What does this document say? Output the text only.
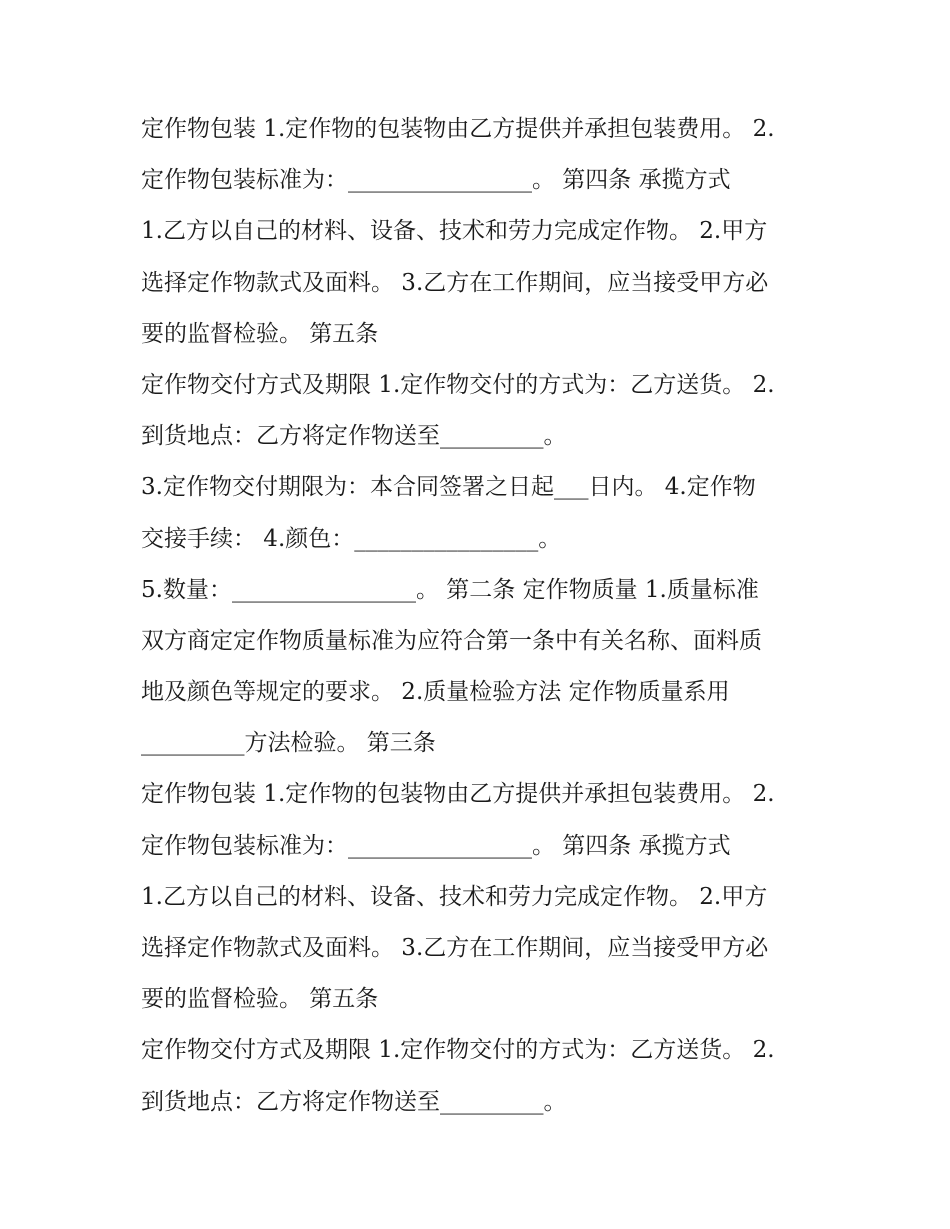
定作物包装 1.定作物的包装物由乙方提供并承担包装费用。 2.
定作物包装标准为：________________。 第四条 承揽方式
1.乙方以自己的材料、设备、技术和劳力完成定作物。 2.甲方
选择定作物款式及面料。 3.乙方在工作期间，应当接受甲方必
要的监督检验。 第五条
定作物交付方式及期限 1.定作物交付的方式为：乙方送货。 2.
到货地点：乙方将定作物送至_________。
3.定作物交付期限为：本合同签署之日起___日内。 4.定作物
交接手续： 4.颜色：________________。
5.数量：________________。 第二条 定作物质量 1.质量标准
双方商定定作物质量标准为应符合第一条中有关名称、面料质
地及颜色等规定的要求。 2.质量检验方法 定作物质量系用
_________方法检验。 第三条
定作物包装 1.定作物的包装物由乙方提供并承担包装费用。 2.
定作物包装标准为：________________。 第四条 承揽方式
1.乙方以自己的材料、设备、技术和劳力完成定作物。 2.甲方
选择定作物款式及面料。 3.乙方在工作期间，应当接受甲方必
要的监督检验。 第五条
定作物交付方式及期限 1.定作物交付的方式为：乙方送货。 2.
到货地点：乙方将定作物送至_________。
